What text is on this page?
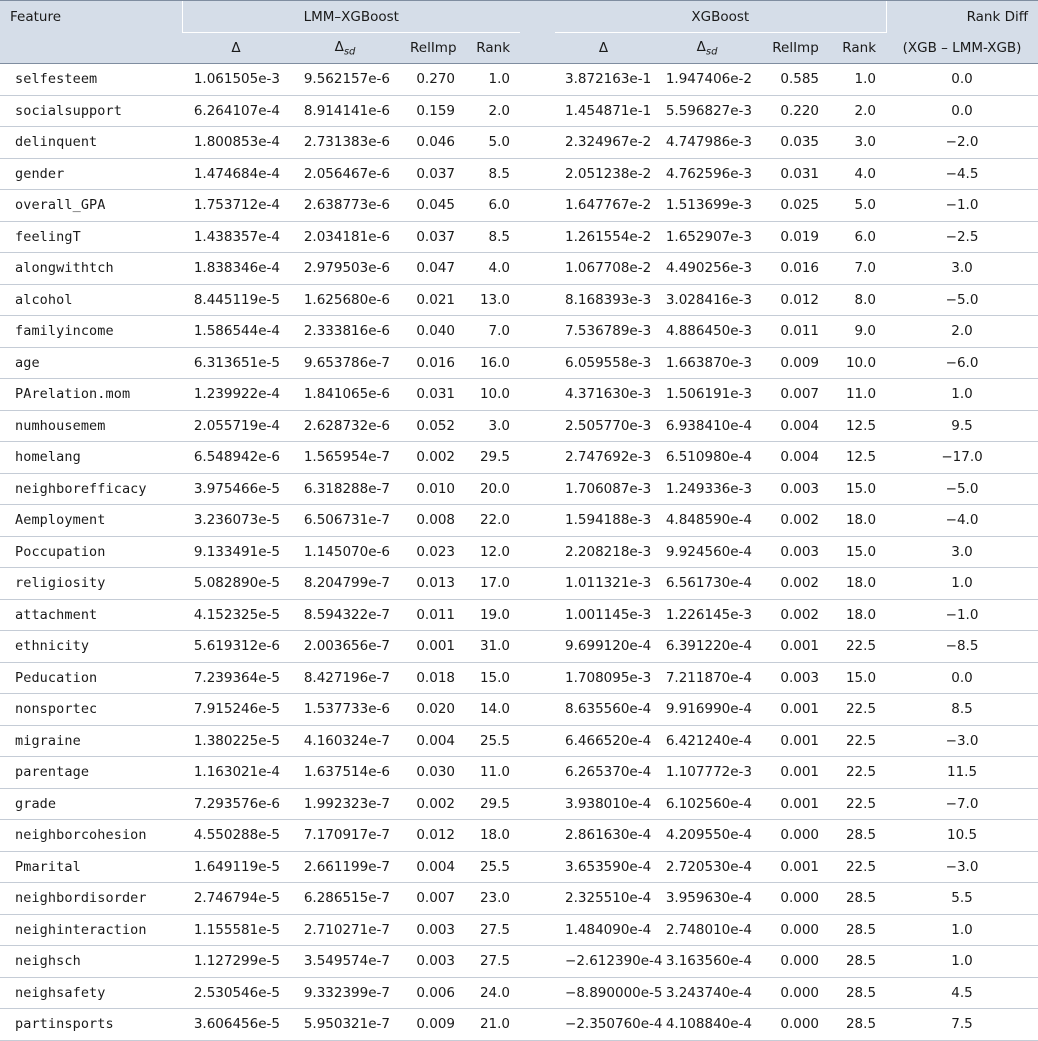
Feature	LMM–XGBoost					XGBoost				Rank Diff
	Δ	$\Delta_{sd}$	RelImp	Rank		Δ	$\Delta_{sd}$	RelImp	Rank	(XGB – LMM-XGB)
selfesteem	1.061505e-3	9.562157e-6	0.270	1.0		3.872163e-1	1.947406e-2	0.585	1.0	0.0
socialsupport	6.264107e-4	8.914141e-6	0.159	2.0		1.454871e-1	5.596827e-3	0.220	2.0	0.0
delinquent	1.800853e-4	2.731383e-6	0.046	5.0		2.324967e-2	4.747986e-3	0.035	3.0	−2.0
gender	1.474684e-4	2.056467e-6	0.037	8.5		2.051238e-2	4.762596e-3	0.031	4.0	−4.5
overall_GPA	1.753712e-4	2.638773e-6	0.045	6.0		1.647767e-2	1.513699e-3	0.025	5.0	−1.0
feelingT	1.438357e-4	2.034181e-6	0.037	8.5		1.261554e-2	1.652907e-3	0.019	6.0	−2.5
alongwithtch	1.838346e-4	2.979503e-6	0.047	4.0		1.067708e-2	4.490256e-3	0.016	7.0	3.0
alcohol	8.445119e-5	1.625680e-6	0.021	13.0		8.168393e-3	3.028416e-3	0.012	8.0	−5.0
familyincome	1.586544e-4	2.333816e-6	0.040	7.0		7.536789e-3	4.886450e-3	0.011	9.0	2.0
age	6.313651e-5	9.653786e-7	0.016	16.0		6.059558e-3	1.663870e-3	0.009	10.0	−6.0
PArelation.mom	1.239922e-4	1.841065e-6	0.031	10.0		4.371630e-3	1.506191e-3	0.007	11.0	1.0
numhousemem	2.055719e-4	2.628732e-6	0.052	3.0		2.505770e-3	6.938410e-4	0.004	12.5	9.5
homelang	6.548942e-6	1.565954e-7	0.002	29.5		2.747692e-3	6.510980e-4	0.004	12.5	−17.0
neighborefficacy	3.975466e-5	6.318288e-7	0.010	20.0		1.706087e-3	1.249336e-3	0.003	15.0	−5.0
Aemployment	3.236073e-5	6.506731e-7	0.008	22.0		1.594188e-3	4.848590e-4	0.002	18.0	−4.0
Poccupation	9.133491e-5	1.145070e-6	0.023	12.0		2.208218e-3	9.924560e-4	0.003	15.0	3.0
religiosity	5.082890e-5	8.204799e-7	0.013	17.0		1.011321e-3	6.561730e-4	0.002	18.0	1.0
attachment	4.152325e-5	8.594322e-7	0.011	19.0		1.001145e-3	1.226145e-3	0.002	18.0	−1.0
ethnicity	5.619312e-6	2.003656e-7	0.001	31.0		9.699120e-4	6.391220e-4	0.001	22.5	−8.5
Peducation	7.239364e-5	8.427196e-7	0.018	15.0		1.708095e-3	7.211870e-4	0.003	15.0	0.0
nonsportec	7.915246e-5	1.537733e-6	0.020	14.0		8.635560e-4	9.916990e-4	0.001	22.5	8.5
migraine	1.380225e-5	4.160324e-7	0.004	25.5		6.466520e-4	6.421240e-4	0.001	22.5	−3.0
parentage	1.163021e-4	1.637514e-6	0.030	11.0		6.265370e-4	1.107772e-3	0.001	22.5	11.5
grade	7.293576e-6	1.992323e-7	0.002	29.5		3.938010e-4	6.102560e-4	0.001	22.5	−7.0
neighborcohesion	4.550288e-5	7.170917e-7	0.012	18.0		2.861630e-4	4.209550e-4	0.000	28.5	10.5
Pmarital	1.649119e-5	2.661199e-7	0.004	25.5		3.653590e-4	2.720530e-4	0.001	22.5	−3.0
neighbordisorder	2.746794e-5	6.286515e-7	0.007	23.0		2.325510e-4	3.959630e-4	0.000	28.5	5.5
neighinteraction	1.155581e-5	2.710271e-7	0.003	27.5		1.484090e-4	2.748010e-4	0.000	28.5	1.0
neighsch	1.127299e-5	3.549574e-7	0.003	27.5		−2.612390e-4	3.163560e-4	0.000	28.5	1.0
neighsafety	2.530546e-5	9.332399e-7	0.006	24.0		−8.890000e-5	3.243740e-4	0.000	28.5	4.5
partinsports	3.606456e-5	5.950321e-7	0.009	21.0		−2.350760e-4	4.108840e-4	0.000	28.5	7.5
